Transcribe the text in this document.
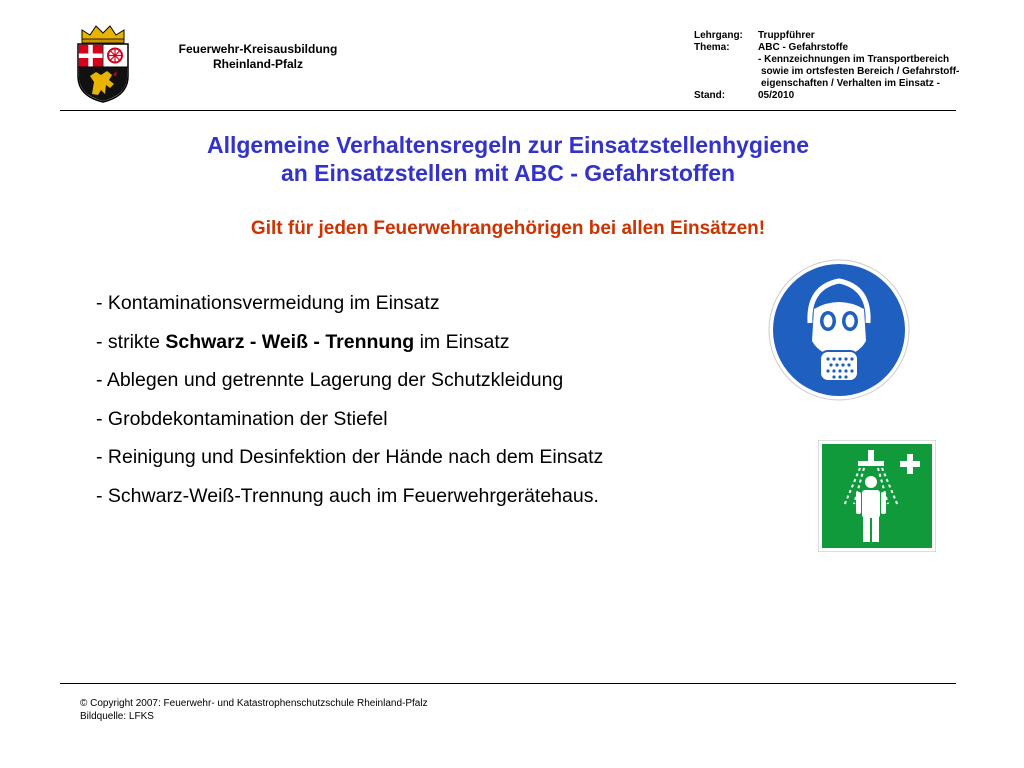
Feuerwehr-Kreisausbildung
Rheinland-Pfalz
Lehrgang:	Truppführer
Thema:	ABC - Gefahrstoffe
- Kennzeichnungen im Transportbereich
sowie im ortsfesten Bereich / Gefahrstoff-
eigenschaften / Verhalten im Einsatz -
Stand:	05/2010
Allgemeine Verhaltensregeln zur Einsatzstellenhygiene
an Einsatzstellen mit ABC - Gefahrstoffen
Gilt für jeden Feuerwehrangehörigen bei allen Einsätzen!
- Kontaminationsvermeidung im Einsatz
- strikte Schwarz - Weiß - Trennung im Einsatz
- Ablegen und getrennte Lagerung der Schutzkleidung
- Grobdekontamination der Stiefel
- Reinigung und Desinfektion der Hände nach dem Einsatz
- Schwarz-Weiß-Trennung auch im Feuerwehrgerätehaus.
© Copyright 2007: Feuerwehr- und Katastrophenschutzschule Rheinland-Pfalz
Bildquelle: LFKS
